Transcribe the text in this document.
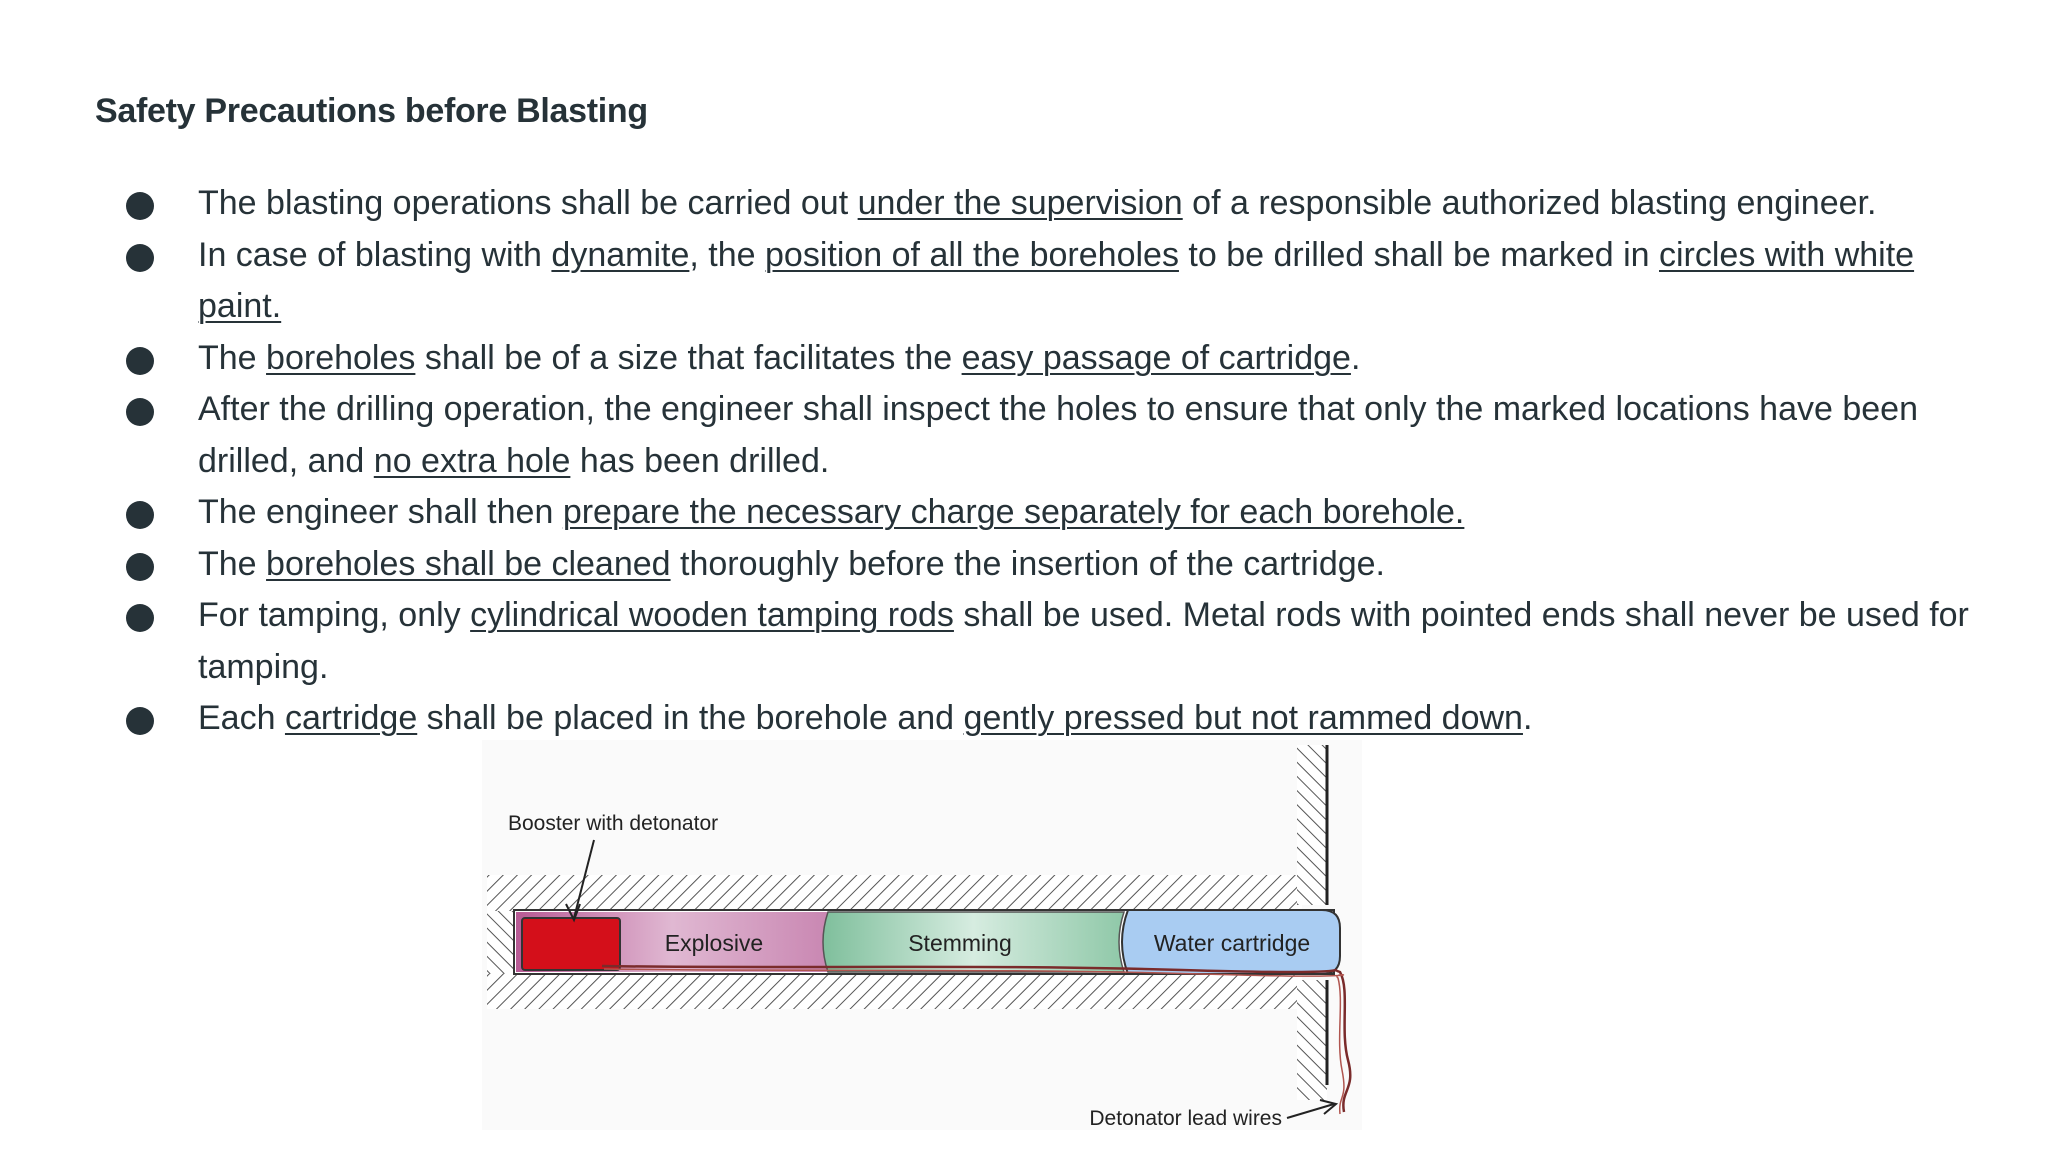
Safety Precautions before Blasting
The blasting operations shall be carried out under the supervision of a responsible authorized blasting engineer.
In case of blasting with dynamite, the position of all the boreholes to be drilled shall be marked in circles with white paint.
The boreholes shall be of a size that facilitates the easy passage of cartridge.
After the drilling operation, the engineer shall inspect the holes to ensure that only the marked locations have been drilled, and no extra hole has been drilled.
The engineer shall then prepare the necessary charge separately for each borehole.
The boreholes shall be cleaned thoroughly before the insertion of the cartridge.
For tamping, only cylindrical wooden tamping rods shall be used. Metal rods with pointed ends shall never be used for tamping.
Each cartridge shall be placed in the borehole and gently pressed but not rammed down.
Booster with detonator
Explosive	Stemming	Water cartridge
Detonator lead wires
